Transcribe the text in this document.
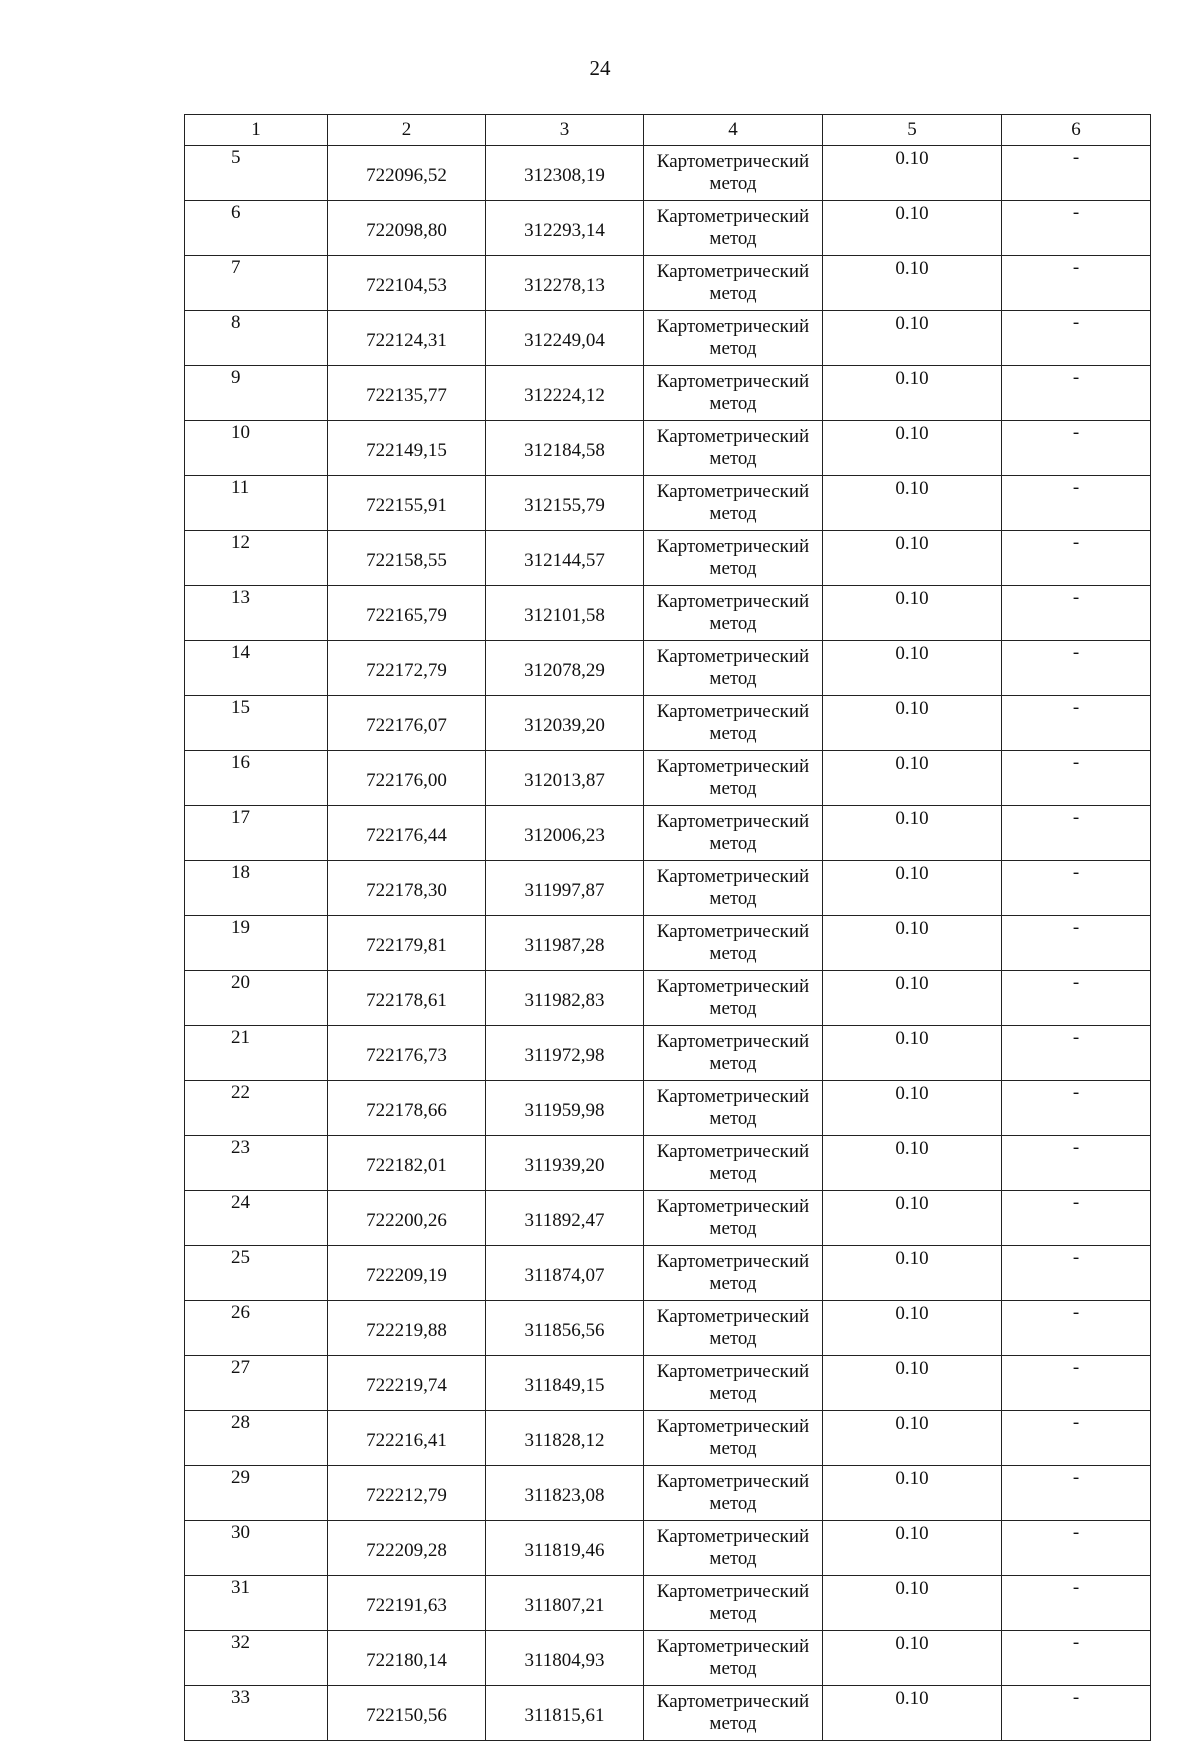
24
1	2	3	4	5	6
5	722096,52	312308,19	Картометрический метод	0.10	-
6	722098,80	312293,14	Картометрический метод	0.10	-
7	722104,53	312278,13	Картометрический метод	0.10	-
8	722124,31	312249,04	Картометрический метод	0.10	-
9	722135,77	312224,12	Картометрический метод	0.10	-
10	722149,15	312184,58	Картометрический метод	0.10	-
11	722155,91	312155,79	Картометрический метод	0.10	-
12	722158,55	312144,57	Картометрический метод	0.10	-
13	722165,79	312101,58	Картометрический метод	0.10	-
14	722172,79	312078,29	Картометрический метод	0.10	-
15	722176,07	312039,20	Картометрический метод	0.10	-
16	722176,00	312013,87	Картометрический метод	0.10	-
17	722176,44	312006,23	Картометрический метод	0.10	-
18	722178,30	311997,87	Картометрический метод	0.10	-
19	722179,81	311987,28	Картометрический метод	0.10	-
20	722178,61	311982,83	Картометрический метод	0.10	-
21	722176,73	311972,98	Картометрический метод	0.10	-
22	722178,66	311959,98	Картометрический метод	0.10	-
23	722182,01	311939,20	Картометрический метод	0.10	-
24	722200,26	311892,47	Картометрический метод	0.10	-
25	722209,19	311874,07	Картометрический метод	0.10	-
26	722219,88	311856,56	Картометрический метод	0.10	-
27	722219,74	311849,15	Картометрический метод	0.10	-
28	722216,41	311828,12	Картометрический метод	0.10	-
29	722212,79	311823,08	Картометрический метод	0.10	-
30	722209,28	311819,46	Картометрический метод	0.10	-
31	722191,63	311807,21	Картометрический метод	0.10	-
32	722180,14	311804,93	Картометрический метод	0.10	-
33	722150,56	311815,61	Картометрический метод	0.10	-
